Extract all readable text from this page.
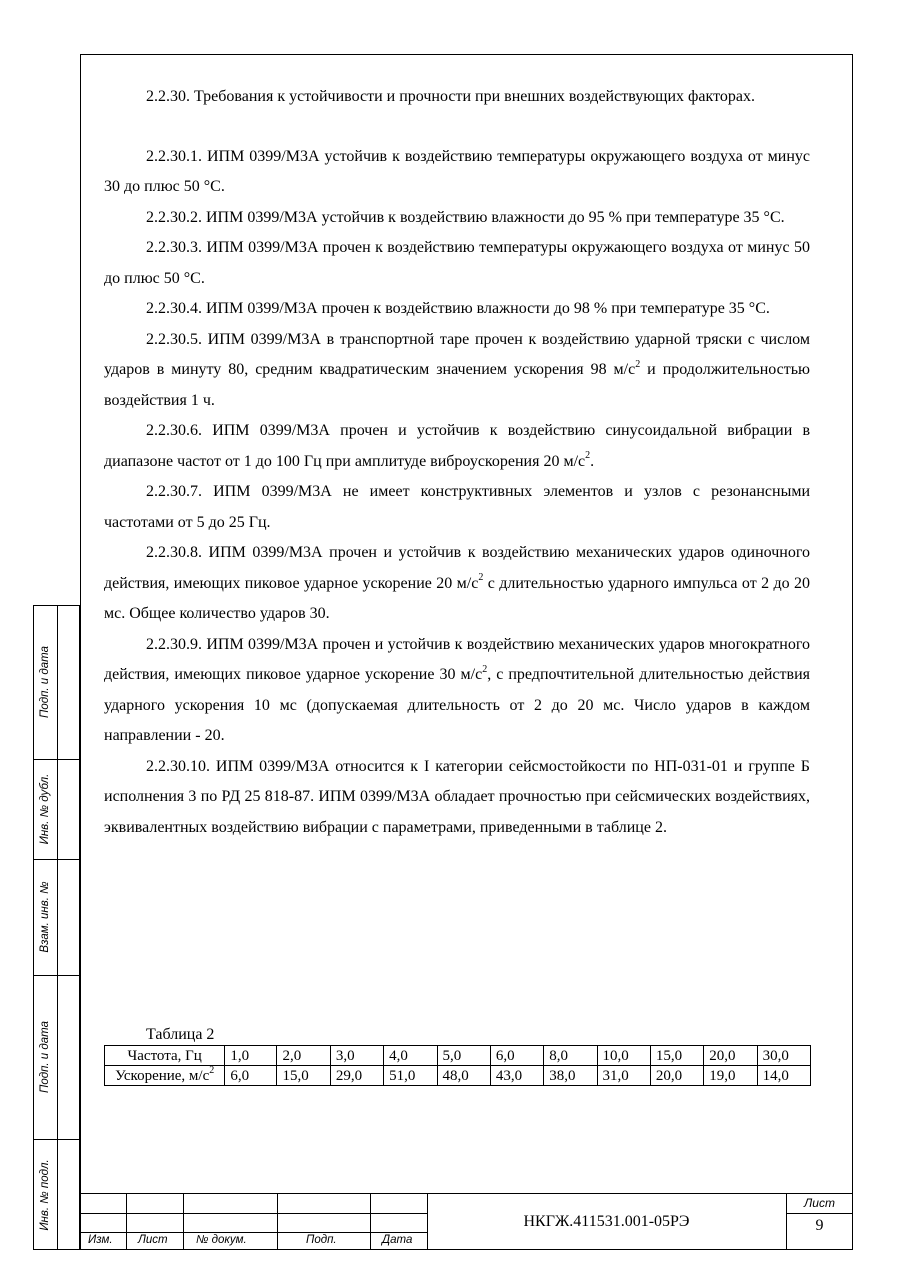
2.2.30. Требования к устойчивости и прочности при внешних воздействующих факторах.

2.2.30.1. ИПМ 0399/М3А устойчив к воздействию температуры окружающего воздуха от минус 30 до плюс 50 °С.

2.2.30.2. ИПМ 0399/М3А устойчив к воздействию влажности до 95 % при температуре 35 °С.

2.2.30.3. ИПМ 0399/М3А прочен к воздействию температуры окружающего воздуха от минус 50 до плюс 50 °С.

2.2.30.4. ИПМ 0399/М3А прочен к воздействию влажности до 98 % при температуре 35 °С.

2.2.30.5. ИПМ 0399/М3А в транспортной таре прочен к воздействию ударной тряски с числом ударов в минуту 80, средним квадратическим значением ускорения 98 $м/с^2$ и продолжительностью воздействия 1 ч.

2.2.30.6. ИПМ 0399/М3А прочен и устойчив к воздействию синусоидальной вибрации в диапазоне частот от 1 до 100 Гц при амплитуде виброускорения 20 $м/с^2$.

2.2.30.7. ИПМ 0399/М3А не имеет конструктивных элементов и узлов с резонансными частотами от 5 до 25 Гц.

2.2.30.8. ИПМ 0399/М3А прочен и устойчив к воздействию механических ударов одиночного действия, имеющих пиковое ударное ускорение 20 $м/с^2$ с длительностью ударного импульса от 2 до 20 мс. Общее количество ударов 30.

2.2.30.9. ИПМ 0399/М3А прочен и устойчив к воздействию механических ударов многократного действия, имеющих пиковое ударное ускорение 30 $м/с^2$, с предпочтительной длительностью действия ударного ускорения 10 мс (допускаемая длительность от 2 до 20 мс. Число ударов в каждом направлении - 20.

2.2.30.10. ИПМ 0399/М3А относится к I категории сейсмостойкости по НП-031-01 и группе Б исполнения 3 по РД 25 818-87. ИПМ 0399/М3А обладает прочностью при сейсмических воздействиях, эквивалентных воздействию вибрации с параметрами, приведенными в таблице 2.

Таблица 2
Частота, Гц	1,0	2,0	3,0	4,0	5,0	6,0	8,0	10,0	15,0	20,0	30,0
Ускорение, $м/с^2$	6,0	15,0	29,0	51,0	48,0	43,0	38,0	31,0	20,0	19,0	14,0
Подп. и дата
Инв. № дубл.
Взам. инв. №
Подп. и дата
Инв. № подл.
Изм. Лист № докум.	Подп.	Дата
НКГЖ.411531.001-05РЭ
Лист
9
